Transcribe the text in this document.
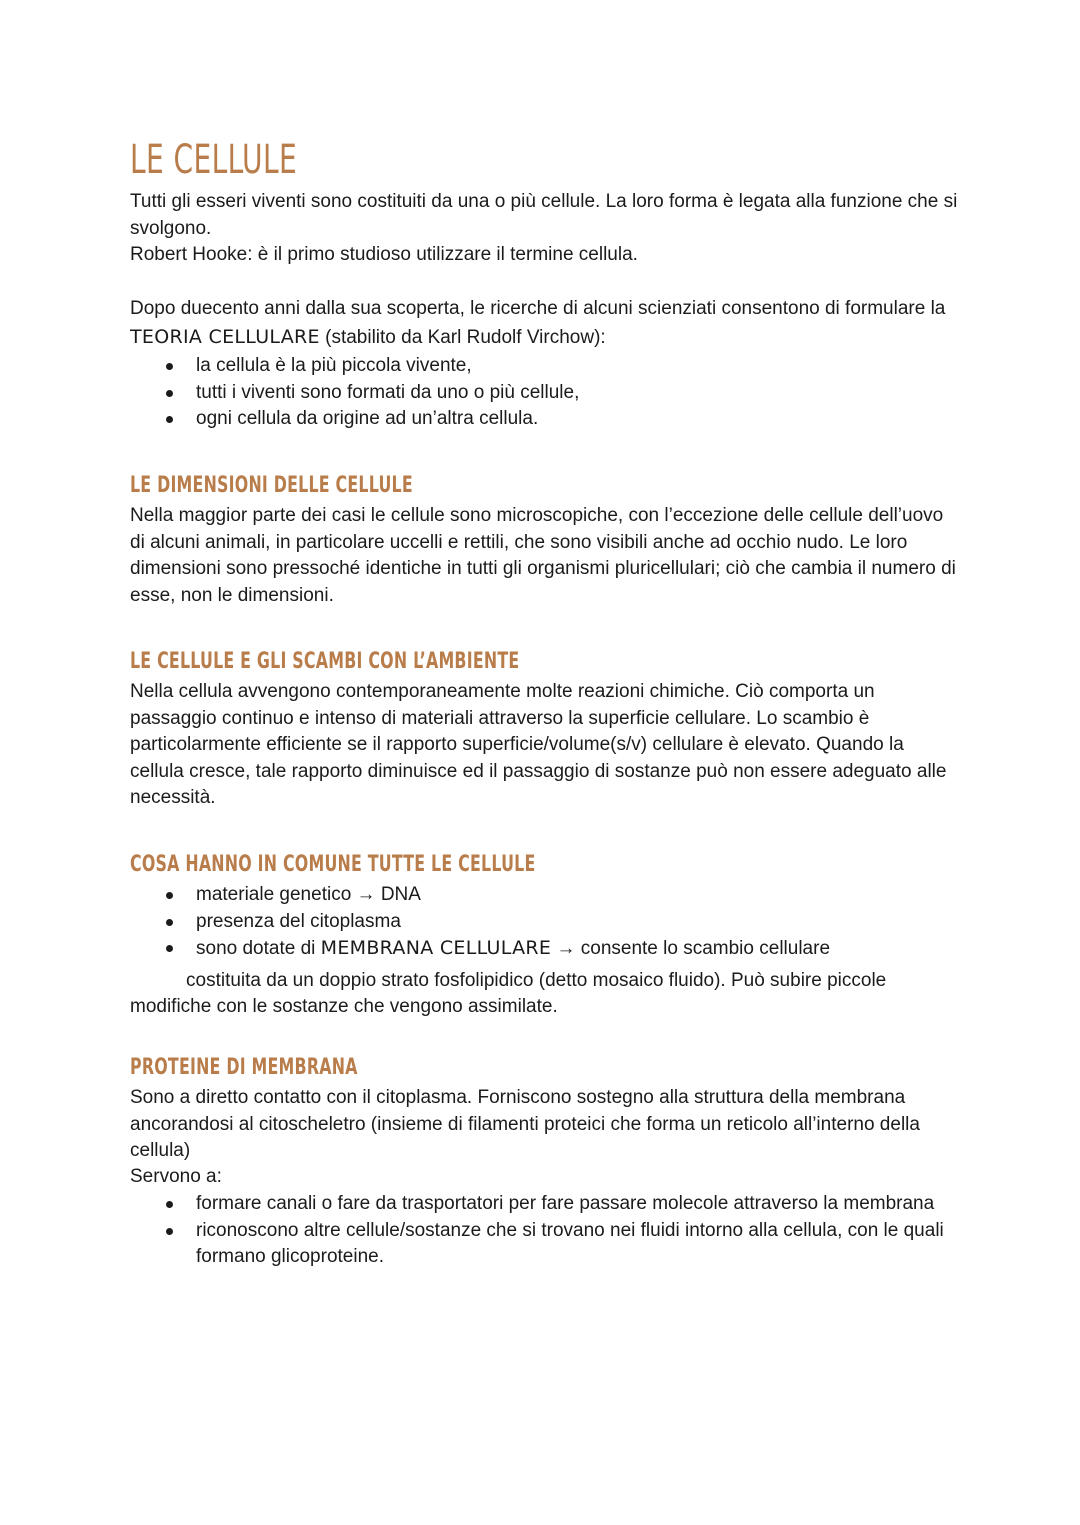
LE CELLULE

Tutti gli esseri viventi sono costituiti da una o più cellule. La loro forma è legata alla funzione che si svolgono.

Robert Hooke: è il primo studioso utilizzare il termine cellula.

Dopo duecento anni dalla sua scoperta, le ricerche di alcuni scienziati consentono di formulare la TEORIA CELLULARE (stabilito da Karl Rudolf Virchow):

la cellula è la più piccola vivente,
tutti i viventi sono formati da uno o più cellule,
ogni cellula da origine ad un’altra cellula.
LE DIMENSIONI DELLE CELLULE

Nella maggior parte dei casi le cellule sono microscopiche, con l’eccezione delle cellule dell’uovo di alcuni animali, in particolare uccelli e rettili, che sono visibili anche ad occhio nudo. Le loro dimensioni sono pressoché identiche in tutti gli organismi pluricellulari; ciò che cambia il numero di esse, non le dimensioni.

LE CELLULE E GLI SCAMBI CON L’AMBIENTE

Nella cellula avvengono contemporaneamente molte reazioni chimiche. Ciò comporta un passaggio continuo e intenso di materiali attraverso la superficie cellulare. Lo scambio è particolarmente efficiente se il rapporto superficie/volume(s/v) cellulare è elevato. Quando la cellula cresce, tale rapporto diminuisce ed il passaggio di sostanze può non essere adeguato alle necessità.

COSA HANNO IN COMUNE TUTTE LE CELLULE
materiale genetico → DNA
presenza del citoplasma
sono dotate di MEMBRANA CELLULARE → consente lo scambio cellulare

costituita da un doppio strato fosfolipidico (detto mosaico fluido). Può subire piccole

modifiche con le sostanze che vengono assimilate.

PROTEINE DI MEMBRANA

Sono a diretto contatto con il citoplasma. Forniscono sostegno alla struttura della membrana ancorandosi al citoscheletro (insieme di filamenti proteici che forma un reticolo all’interno della cellula)

Servono a:

formare canali o fare da trasportatori per fare passare molecole attraverso la membrana
riconoscono altre cellule/sostanze che si trovano nei fluidi intorno alla cellula, con le quali formano glicoproteine.
